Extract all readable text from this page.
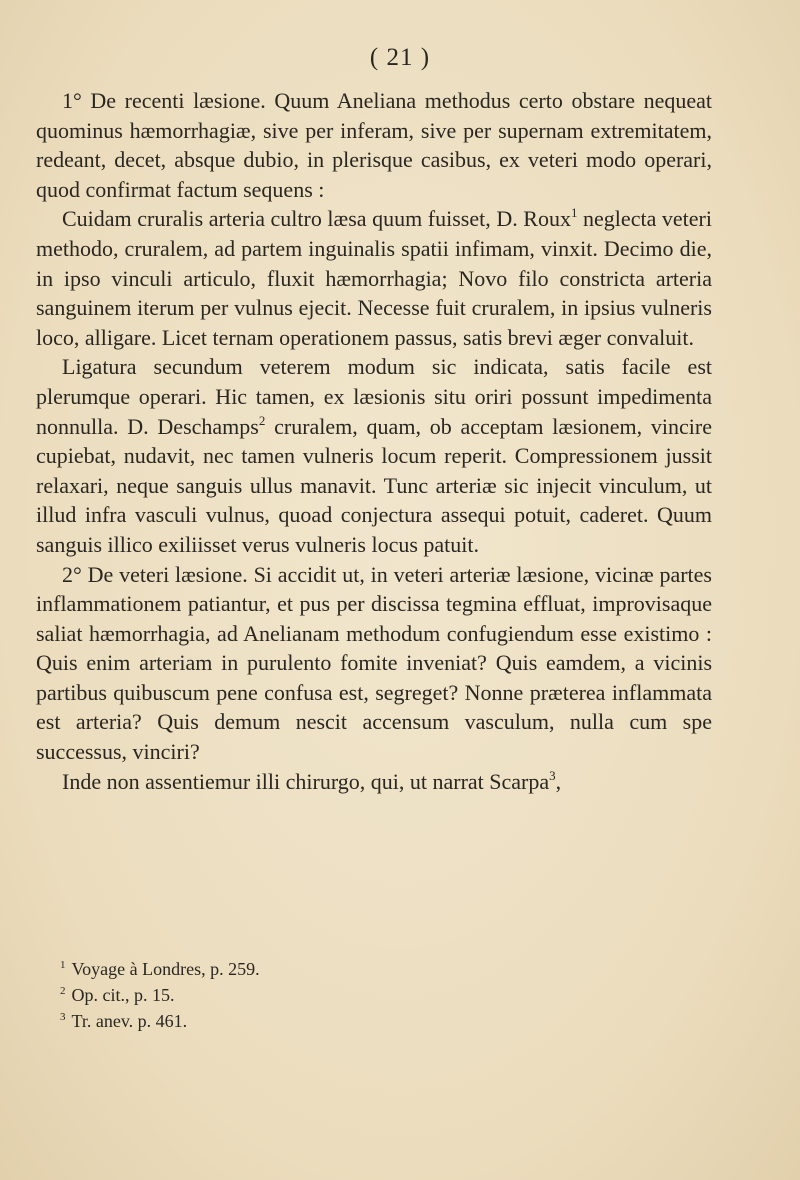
( 21 )

1° De recenti læsione. Quum Aneliana methodus certo obstare nequeat quominus hæmorrhagiæ, sive per inferam, sive per supernam extremitatem, redeant, decet, absque dubio, in plerisque casibus, ex veteri modo operari, quod confirmat factum sequens :

Cuidam cruralis arteria cultro læsa quum fuisset, D. Roux$^1$ neglecta veteri methodo, cruralem, ad partem inguinalis spatii infimam, vinxit. Decimo die, in ipso vinculi articulo, fluxit hæmorrhagia; Novo filo constricta arteria sanguinem iterum per vulnus ejecit. Necesse fuit cruralem, in ipsius vulneris loco, alligare. Licet ternam operationem passus, satis brevi æger convaluit.

Ligatura secundum veterem modum sic indicata, satis facile est plerumque operari. Hic tamen, ex læsionis situ oriri possunt impedimenta nonnulla. D. Deschamps$^2$ cruralem, quam, ob acceptam læsionem, vincire cupiebat, nudavit, nec tamen vulneris locum reperit. Compressionem jussit relaxari, neque sanguis ullus manavit. Tunc arteriæ sic injecit vinculum, ut illud infra vasculi vulnus, quoad conjectura assequi potuit, caderet. Quum sanguis illico exiliisset verus vulneris locus patuit.

2° De veteri læsione. Si accidit ut, in veteri arteriæ læsione, vicinæ partes inflammationem patiantur, et pus per discissa tegmina effluat, improvisaque saliat hæmorrhagia, ad Anelianam methodum confugiendum esse existimo : Quis enim arteriam in purulento fomite inveniat? Quis eamdem, a vicinis partibus quibuscum pene confusa est, segreget? Nonne præterea inflammata est arteria? Quis demum nescit accensum vasculum, nulla cum spe successus, vinciri?

Inde non assentiemur illi chirurgo, qui, ut narrat Scarpa$^3$,

$^1$ Voyage à Londres, p. 259.
$^2$ Op. cit., p. 15.
$^3$ Tr. anev. p. 461.
